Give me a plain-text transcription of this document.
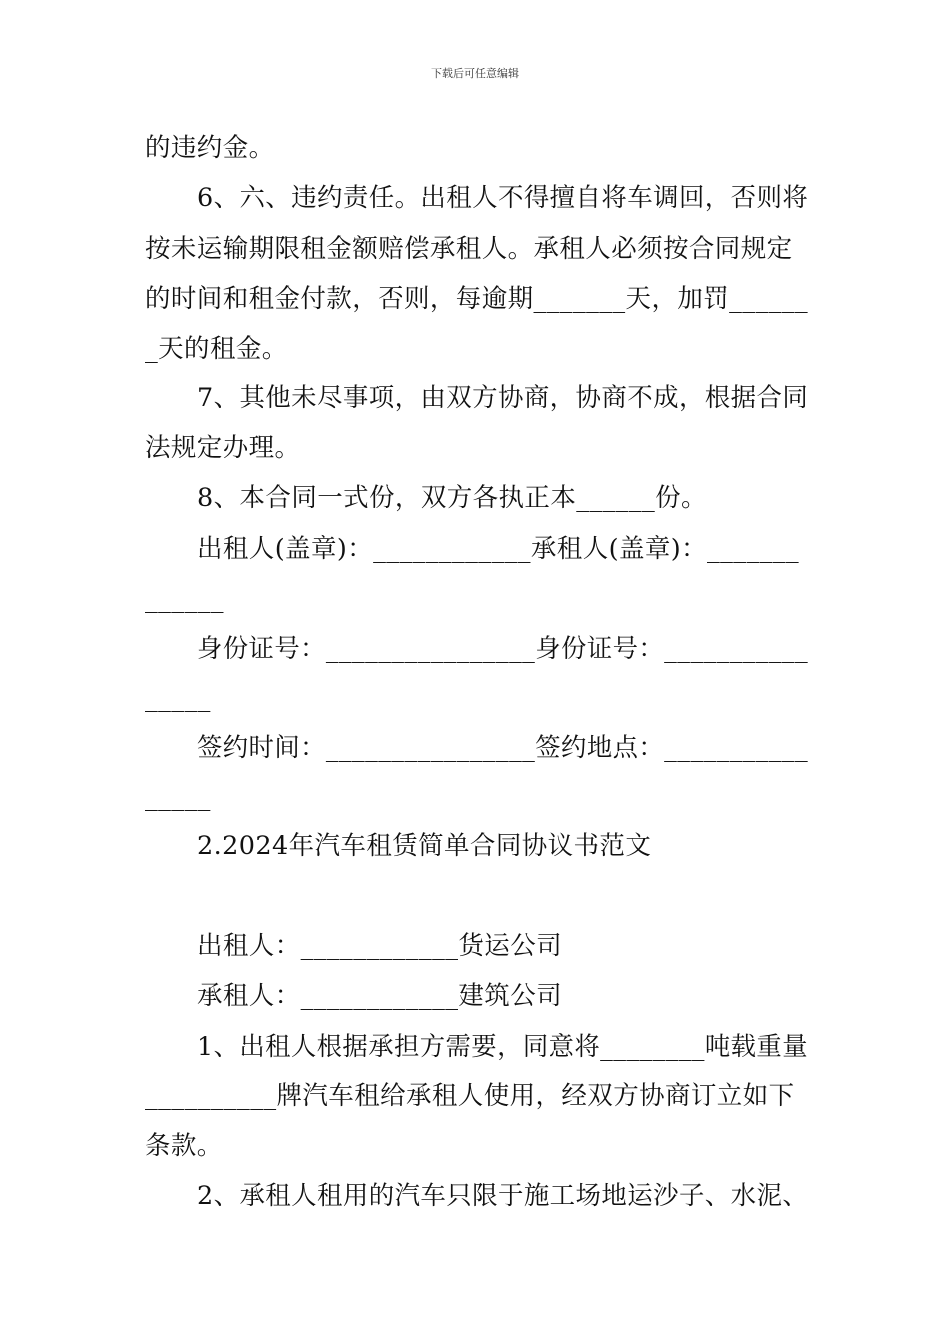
下载后可任意编辑
的违约金。
6、六、违约责任。出租人不得擅自将车调回，否则将
按未运输期限租金额赔偿承租人。承租人必须按合同规定
的时间和租金付款，否则，每逾期_______天，加罚______
_天的租金。
7、其他未尽事项，由双方协商，协商不成，根据合同
法规定办理。
8、本合同一式份，双方各执正本______份。
出租人(盖章)：____________承租人(盖章)：_______
______
身份证号：________________身份证号：___________
_____
签约时间：________________签约地点：___________
_____
2.2024年汽车租赁简单合同协议书范文
出租人：____________货运公司
承租人：____________建筑公司
1、出租人根据承担方需要，同意将________吨载重量
__________牌汽车租给承租人使用，经双方协商订立如下
条款。
2、承租人租用的汽车只限于施工场地运沙子、水泥、
